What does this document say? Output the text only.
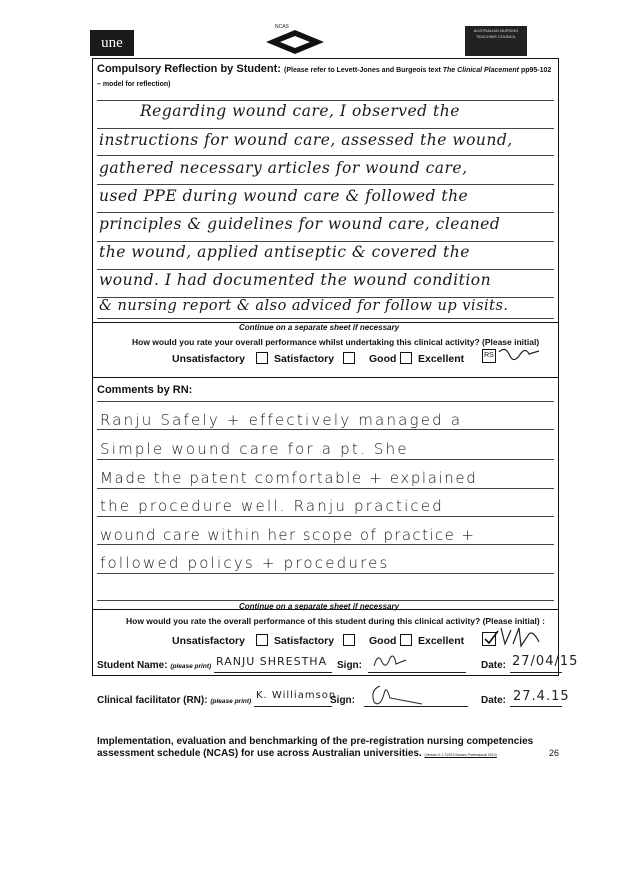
une
NCAS
AUSTRALIAN NURSING TEACHING COUNCIL
Compulsory Reflection by Student: (Please refer to Levett-Jones and Burgeois text The Clinical Placement pp95-102 – model for reflection)
Regarding wound care, I observed the
instructions for wound care, assessed the wound,
gathered necessary articles for wound care,
used PPE during wound care & followed the
principles & guidelines for wound care, cleaned
the wound, applied antiseptic & covered the
wound. I had documented the wound condition
& nursing report & also adviced for follow up visits.
Continue on a separate sheet if necessary
How would you rate your overall performance whilst undertaking this clinical activity? (Please initial)
Unsatisfactory	Satisfactory	Good Excellent	RS
Comments by RN:
Ranju Safely + effectively managed a
Simple wound care for a pt. She
Made the patent comfortable + explained
the procedure well. Ranju practiced
wound care within her scope of practice +
followed policys + procedures
Continue on a separate sheet if necessary
How would you rate the overall performance of this student during this clinical activity? (Please initial) :
Unsatisfactory	Satisfactory	Good Excellent
Student Name: (please print) RANJU SHRESTHA Sign:	Date: 27/04/15
Clinical facilitator (RN): (please print)
K. Williamson
Sign:	Date: 27.4.15
Implementation, evaluation and benchmarking of the pre-registration nursing competencies assessment schedule (NCAS) for use across Australian universities. (Version 2.1 ©2013 Nurses Professional 2013)	26
